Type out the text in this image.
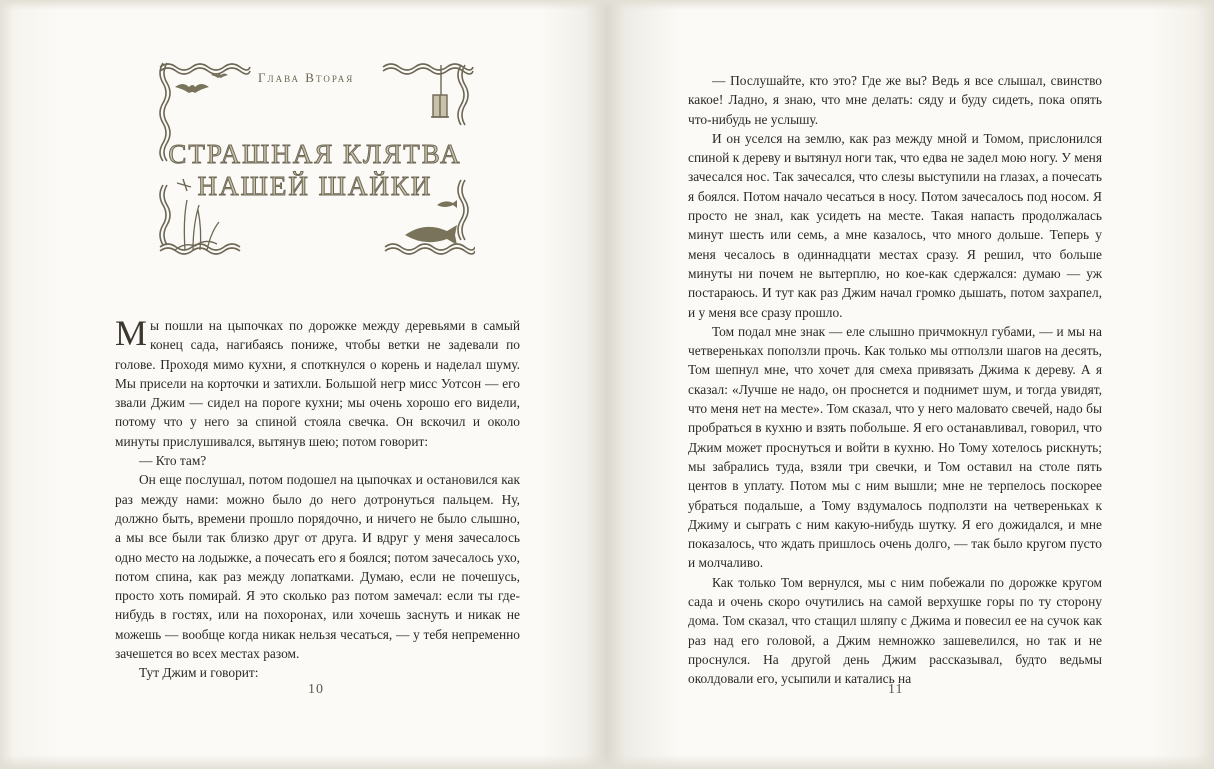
Глава Вторая
СТРАШНАЯ КЛЯТВА
НАШЕЙ ШАЙКИ

Мы пошли на цыпочках по дорожке между деревьями в самый конец сада, нагибаясь пониже, чтобы ветки не задевали по голове. Проходя мимо кухни, я споткнулся о корень и наделал шуму. Мы присели на корточки и затихли. Большой негр мисс Уотсон — его звали Джим — сидел на пороге кухни; мы очень хорошо его видели, потому что у него за спиной стояла свечка. Он вскочил и около минуты прислушивался, вытянув шею; потом говорит:

— Кто там?

Он еще послушал, потом подошел на цыпочках и остановился как раз между нами: можно было до него дотронуться пальцем. Ну, должно быть, времени прошло порядочно, и ничего не было слышно, а мы все были так близко друг от друга. И вдруг у меня зачесалось одно место на лодыжке, а почесать его я боялся; потом зачесалось ухо, потом спина, как раз между лопатками. Думаю, если не почешусь, просто хоть помирай. Я это сколько раз потом замечал: если ты где-нибудь в гостях, или на похоронах, или хочешь заснуть и никак не можешь — вообще когда никак нельзя чесаться, — у тебя непременно зачешется во всех местах разом.

Тут Джим и говорит:

10

— Послушайте, кто это? Где же вы? Ведь я все слышал, свинство какое! Ладно, я знаю, что мне делать: сяду и буду сидеть, пока опять что-нибудь не услышу.

И он уселся на землю, как раз между мной и Томом, прислонился спиной к дереву и вытянул ноги так, что едва не задел мою ногу. У меня зачесался нос. Так зачесался, что слезы выступили на глазах, а почесать я боялся. Потом начало чесаться в носу. Потом зачесалось под носом. Я просто не знал, как усидеть на месте. Такая напасть продолжалась минут шесть или семь, а мне казалось, что много дольше. Теперь у меня чесалось в одиннадцати местах сразу. Я решил, что больше минуты ни почем не вытерплю, но кое-как сдержался: думаю — уж постараюсь. И тут как раз Джим начал громко дышать, потом захрапел, и у меня все сразу прошло.

Том подал мне знак — еле слышно причмокнул губами, — и мы на четвереньках поползли прочь. Как только мы отползли шагов на десять, Том шепнул мне, что хочет для смеха привязать Джима к дереву. А я сказал: «Лучше не надо, он проснется и поднимет шум, и тогда увидят, что меня нет на месте». Том сказал, что у него маловато свечей, надо бы пробраться в кухню и взять побольше. Я его останавливал, говорил, что Джим может проснуться и войти в кухню. Но Тому хотелось рискнуть; мы забрались туда, взяли три свечки, и Том оставил на столе пять центов в уплату. Потом мы с ним вышли; мне не терпелось поскорее убраться подальше, а Тому вздумалось подползти на четвереньках к Джиму и сыграть с ним какую-нибудь шутку. Я его дожидался, и мне показалось, что ждать пришлось очень долго, — так было кругом пусто и молчаливо.

Как только Том вернулся, мы с ним побежали по дорожке кругом сада и очень скоро очутились на самой верхушке горы по ту сторону дома. Том сказал, что стащил шляпу с Джима и повесил ее на сучок как раз над его головой, а Джим немножко зашевелился, но так и не проснулся. На другой день Джим рассказывал, будто ведьмы околдовали его, усыпили и катались на

11
